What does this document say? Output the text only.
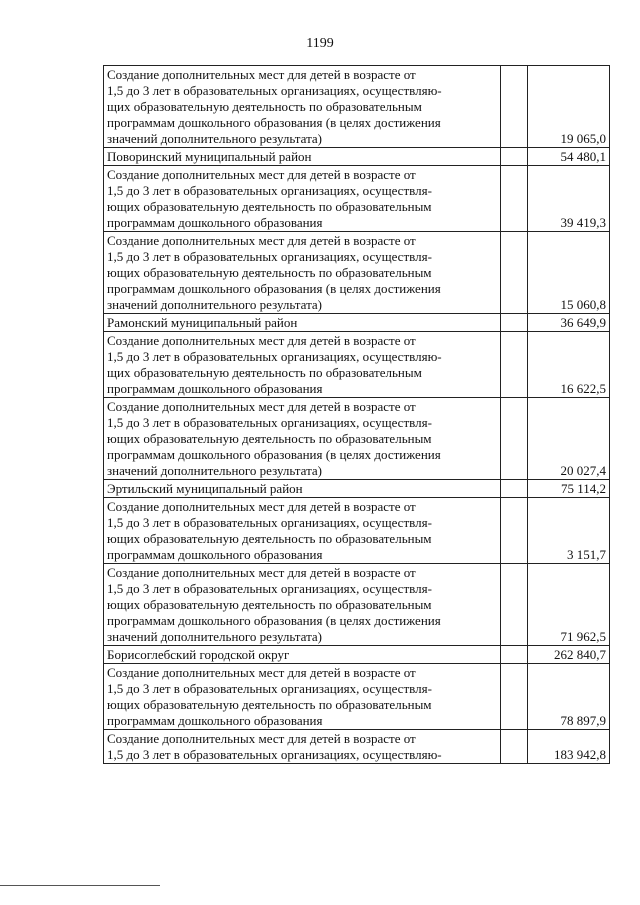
1199
Создание дополнительных мест для детей в возрасте от
1,5 до 3 лет в образовательных организациях, осуществляю-
щих образовательную деятельность по образовательным
программам дошкольного образования (в целях достижения
значений дополнительного результата)		19 065,0

Поворинский муниципальный район		54 480,1

Создание дополнительных мест для детей в возрасте от
1,5 до 3 лет в образовательных организациях, осуществля-
ющих образовательную деятельность по образовательным
программам дошкольного образования		39 419,3

Создание дополнительных мест для детей в возрасте от
1,5 до 3 лет в образовательных организациях, осуществля-
ющих образовательную деятельность по образовательным
программам дошкольного образования (в целях достижения
значений дополнительного результата)		15 060,8

Рамонский муниципальный район		36 649,9

Создание дополнительных мест для детей в возрасте от
1,5 до 3 лет в образовательных организациях, осуществляю-
щих образовательную деятельность по образовательным
программам дошкольного образования		16 622,5

Создание дополнительных мест для детей в возрасте от
1,5 до 3 лет в образовательных организациях, осуществля-
ющих образовательную деятельность по образовательным
программам дошкольного образования (в целях достижения
значений дополнительного результата)		20 027,4

Эртильский муниципальный район		75 114,2

Создание дополнительных мест для детей в возрасте от
1,5 до 3 лет в образовательных организациях, осуществля-
ющих образовательную деятельность по образовательным
программам дошкольного образования		3 151,7

Создание дополнительных мест для детей в возрасте от
1,5 до 3 лет в образовательных организациях, осуществля-
ющих образовательную деятельность по образовательным
программам дошкольного образования (в целях достижения
значений дополнительного результата)		71 962,5

Борисоглебский городской округ		262 840,7

Создание дополнительных мест для детей в возрасте от
1,5 до 3 лет в образовательных организациях, осуществля-
ющих образовательную деятельность по образовательным
программам дошкольного образования		78 897,9

Создание дополнительных мест для детей в возрасте от
1,5 до 3 лет в образовательных организациях, осуществляю-		183 942,8
